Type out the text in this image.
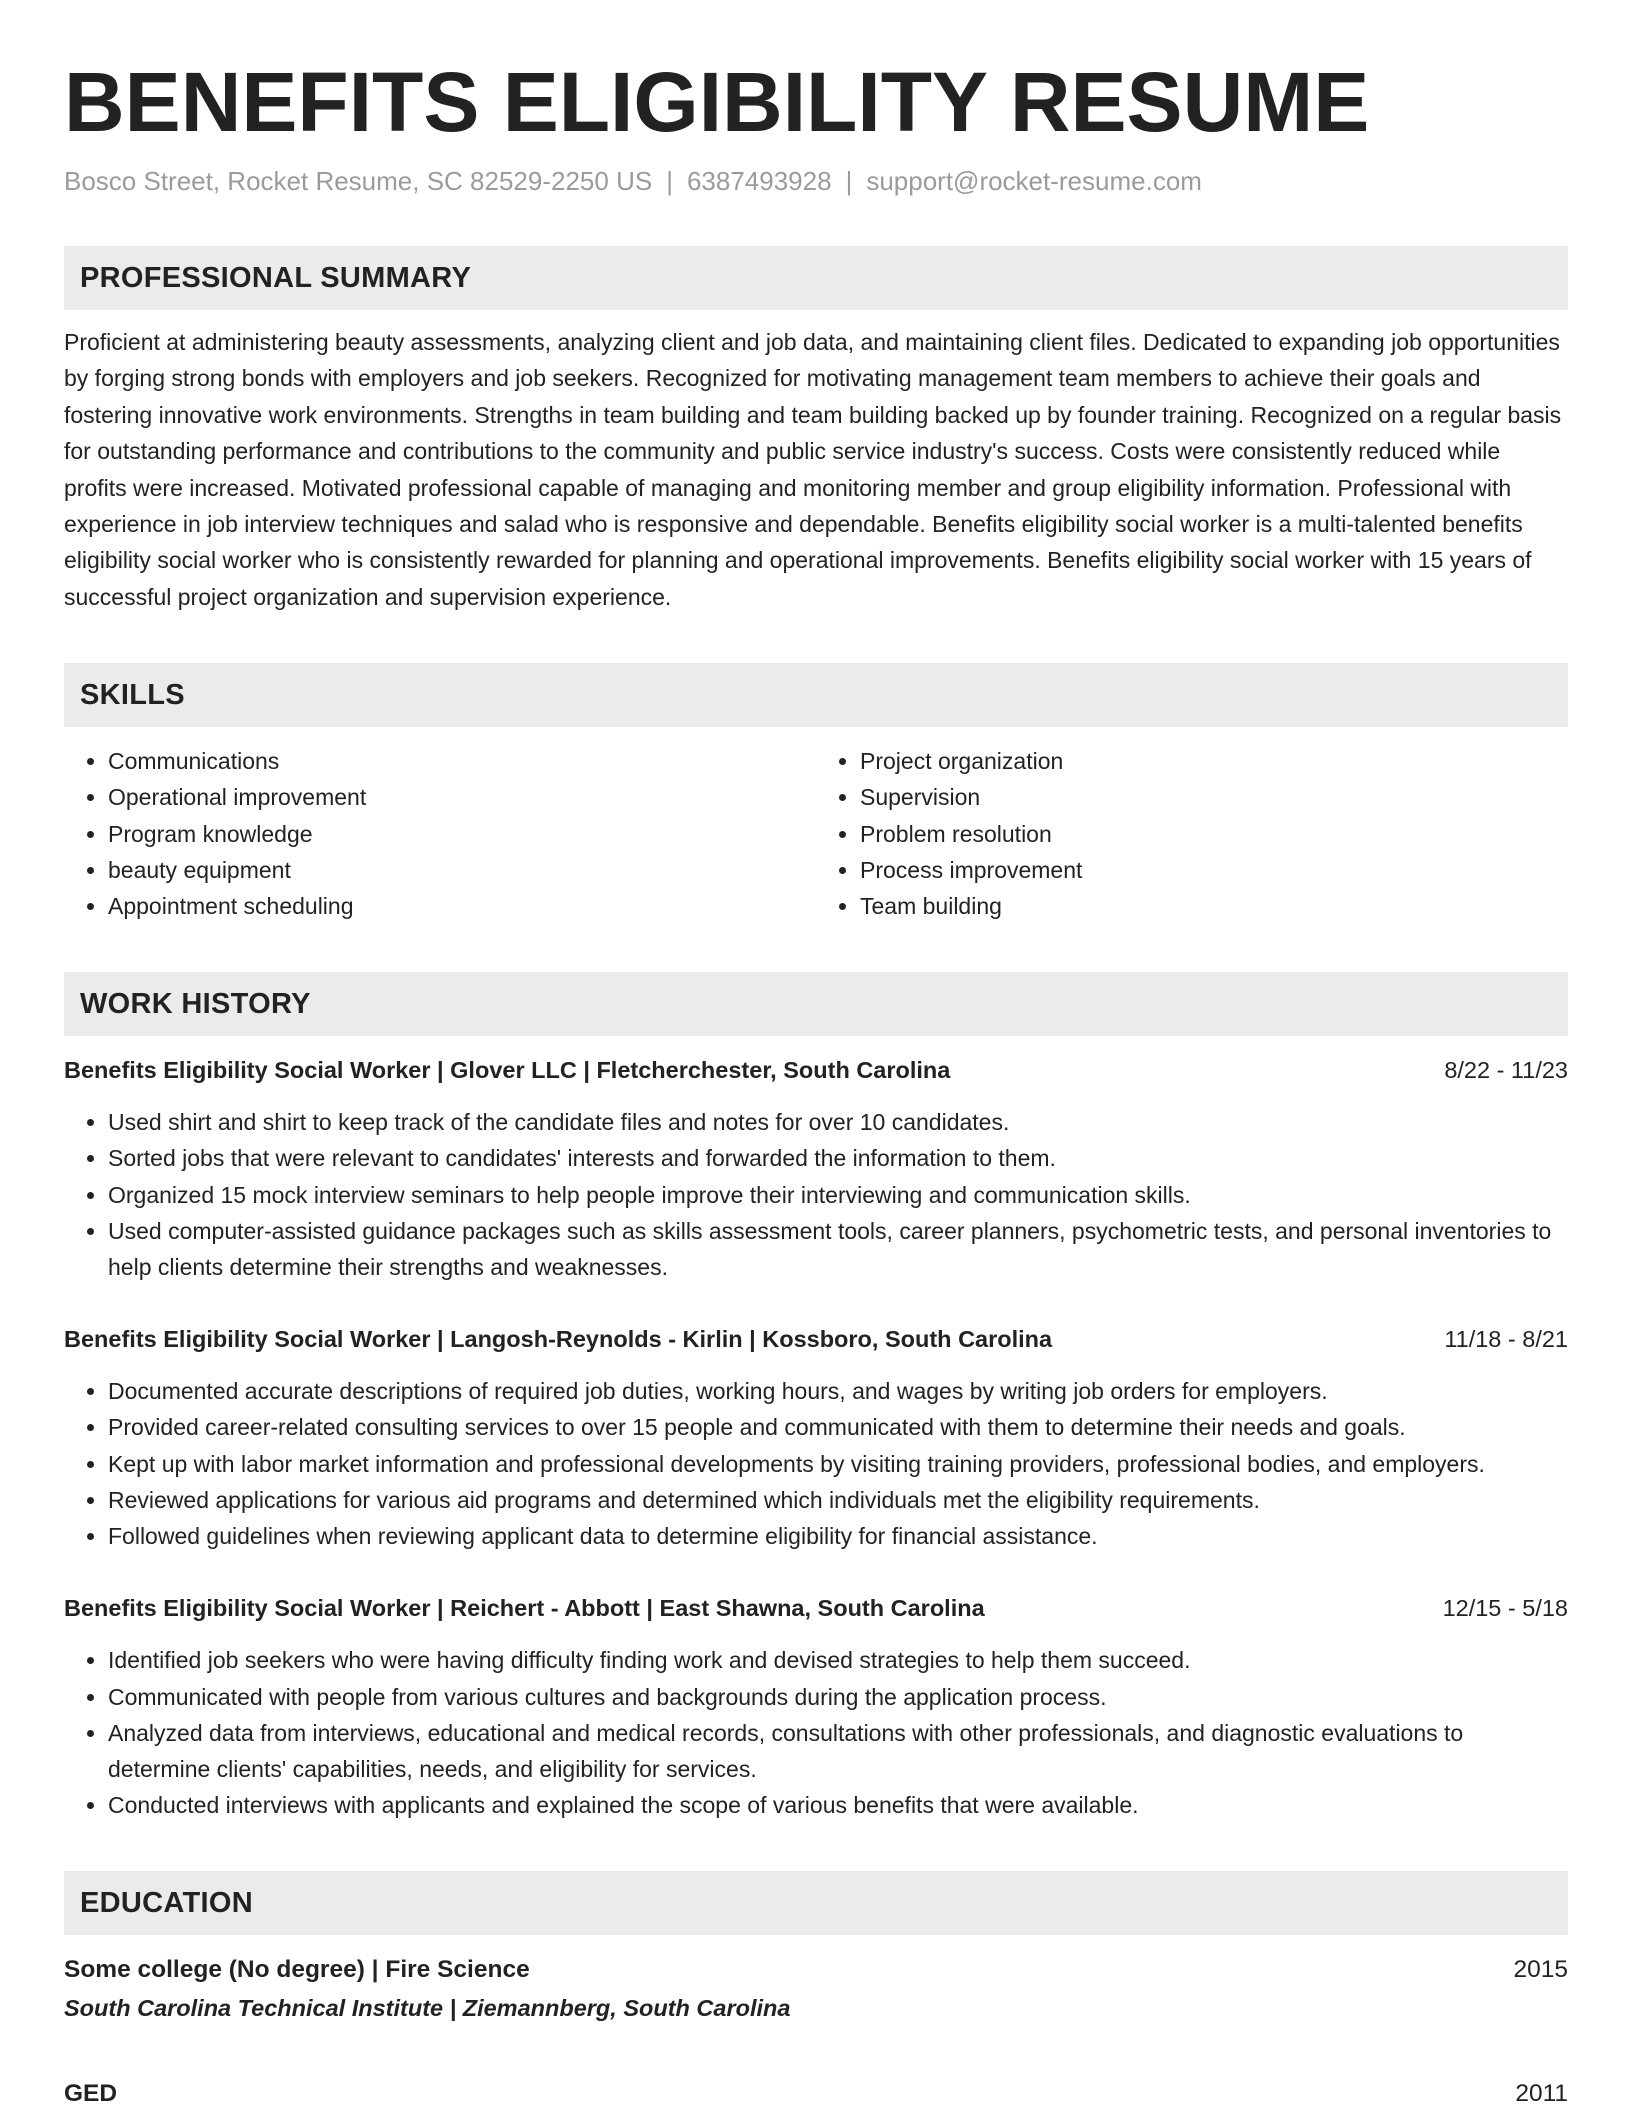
BENEFITS ELIGIBILITY RESUME
Bosco Street, Rocket Resume, SC 82529-2250 US | 6387493928 | support@rocket-resume.com
PROFESSIONAL SUMMARY
Proficient at administering beauty assessments, analyzing client and job data, and maintaining client files. Dedicated to expanding job opportunities by forging strong bonds with employers and job seekers. Recognized for motivating management team members to achieve their goals and fostering innovative work environments. Strengths in team building and team building backed up by founder training. Recognized on a regular basis for outstanding performance and contributions to the community and public service industry's success. Costs were consistently reduced while profits were increased. Motivated professional capable of managing and monitoring member and group eligibility information. Professional with experience in job interview techniques and salad who is responsive and dependable. Benefits eligibility social worker is a multi-talented benefits eligibility social worker who is consistently rewarded for planning and operational improvements. Benefits eligibility social worker with 15 years of successful project organization and supervision experience.
SKILLS
• Communications
• Operational improvement
• Program knowledge
• beauty equipment
• Appointment scheduling
• Project organization
• Supervision
• Problem resolution
• Process improvement
• Team building
WORK HISTORY
Benefits Eligibility Social Worker | Glover LLC | Fletcherchester, South Carolina	8/22 - 11/23
• Used shirt and shirt to keep track of the candidate files and notes for over 10 candidates.
• Sorted jobs that were relevant to candidates' interests and forwarded the information to them.
• Organized 15 mock interview seminars to help people improve their interviewing and communication skills.
• Used computer-assisted guidance packages such as skills assessment tools, career planners, psychometric tests, and personal inventories to help clients determine their strengths and weaknesses.
Benefits Eligibility Social Worker | Langosh-Reynolds - Kirlin | Kossboro, South Carolina	11/18 - 8/21
• Documented accurate descriptions of required job duties, working hours, and wages by writing job orders for employers.
• Provided career-related consulting services to over 15 people and communicated with them to determine their needs and goals.
• Kept up with labor market information and professional developments by visiting training providers, professional bodies, and employers.
• Reviewed applications for various aid programs and determined which individuals met the eligibility requirements.
• Followed guidelines when reviewing applicant data to determine eligibility for financial assistance.
Benefits Eligibility Social Worker | Reichert - Abbott | East Shawna, South Carolina	12/15 - 5/18
• Identified job seekers who were having difficulty finding work and devised strategies to help them succeed.
• Communicated with people from various cultures and backgrounds during the application process.
• Analyzed data from interviews, educational and medical records, consultations with other professionals, and diagnostic evaluations to determine clients' capabilities, needs, and eligibility for services.
• Conducted interviews with applicants and explained the scope of various benefits that were available.
EDUCATION
Some college (No degree) | Fire Science	2015
South Carolina Technical Institute | Ziemannberg, South Carolina
GED	2011
